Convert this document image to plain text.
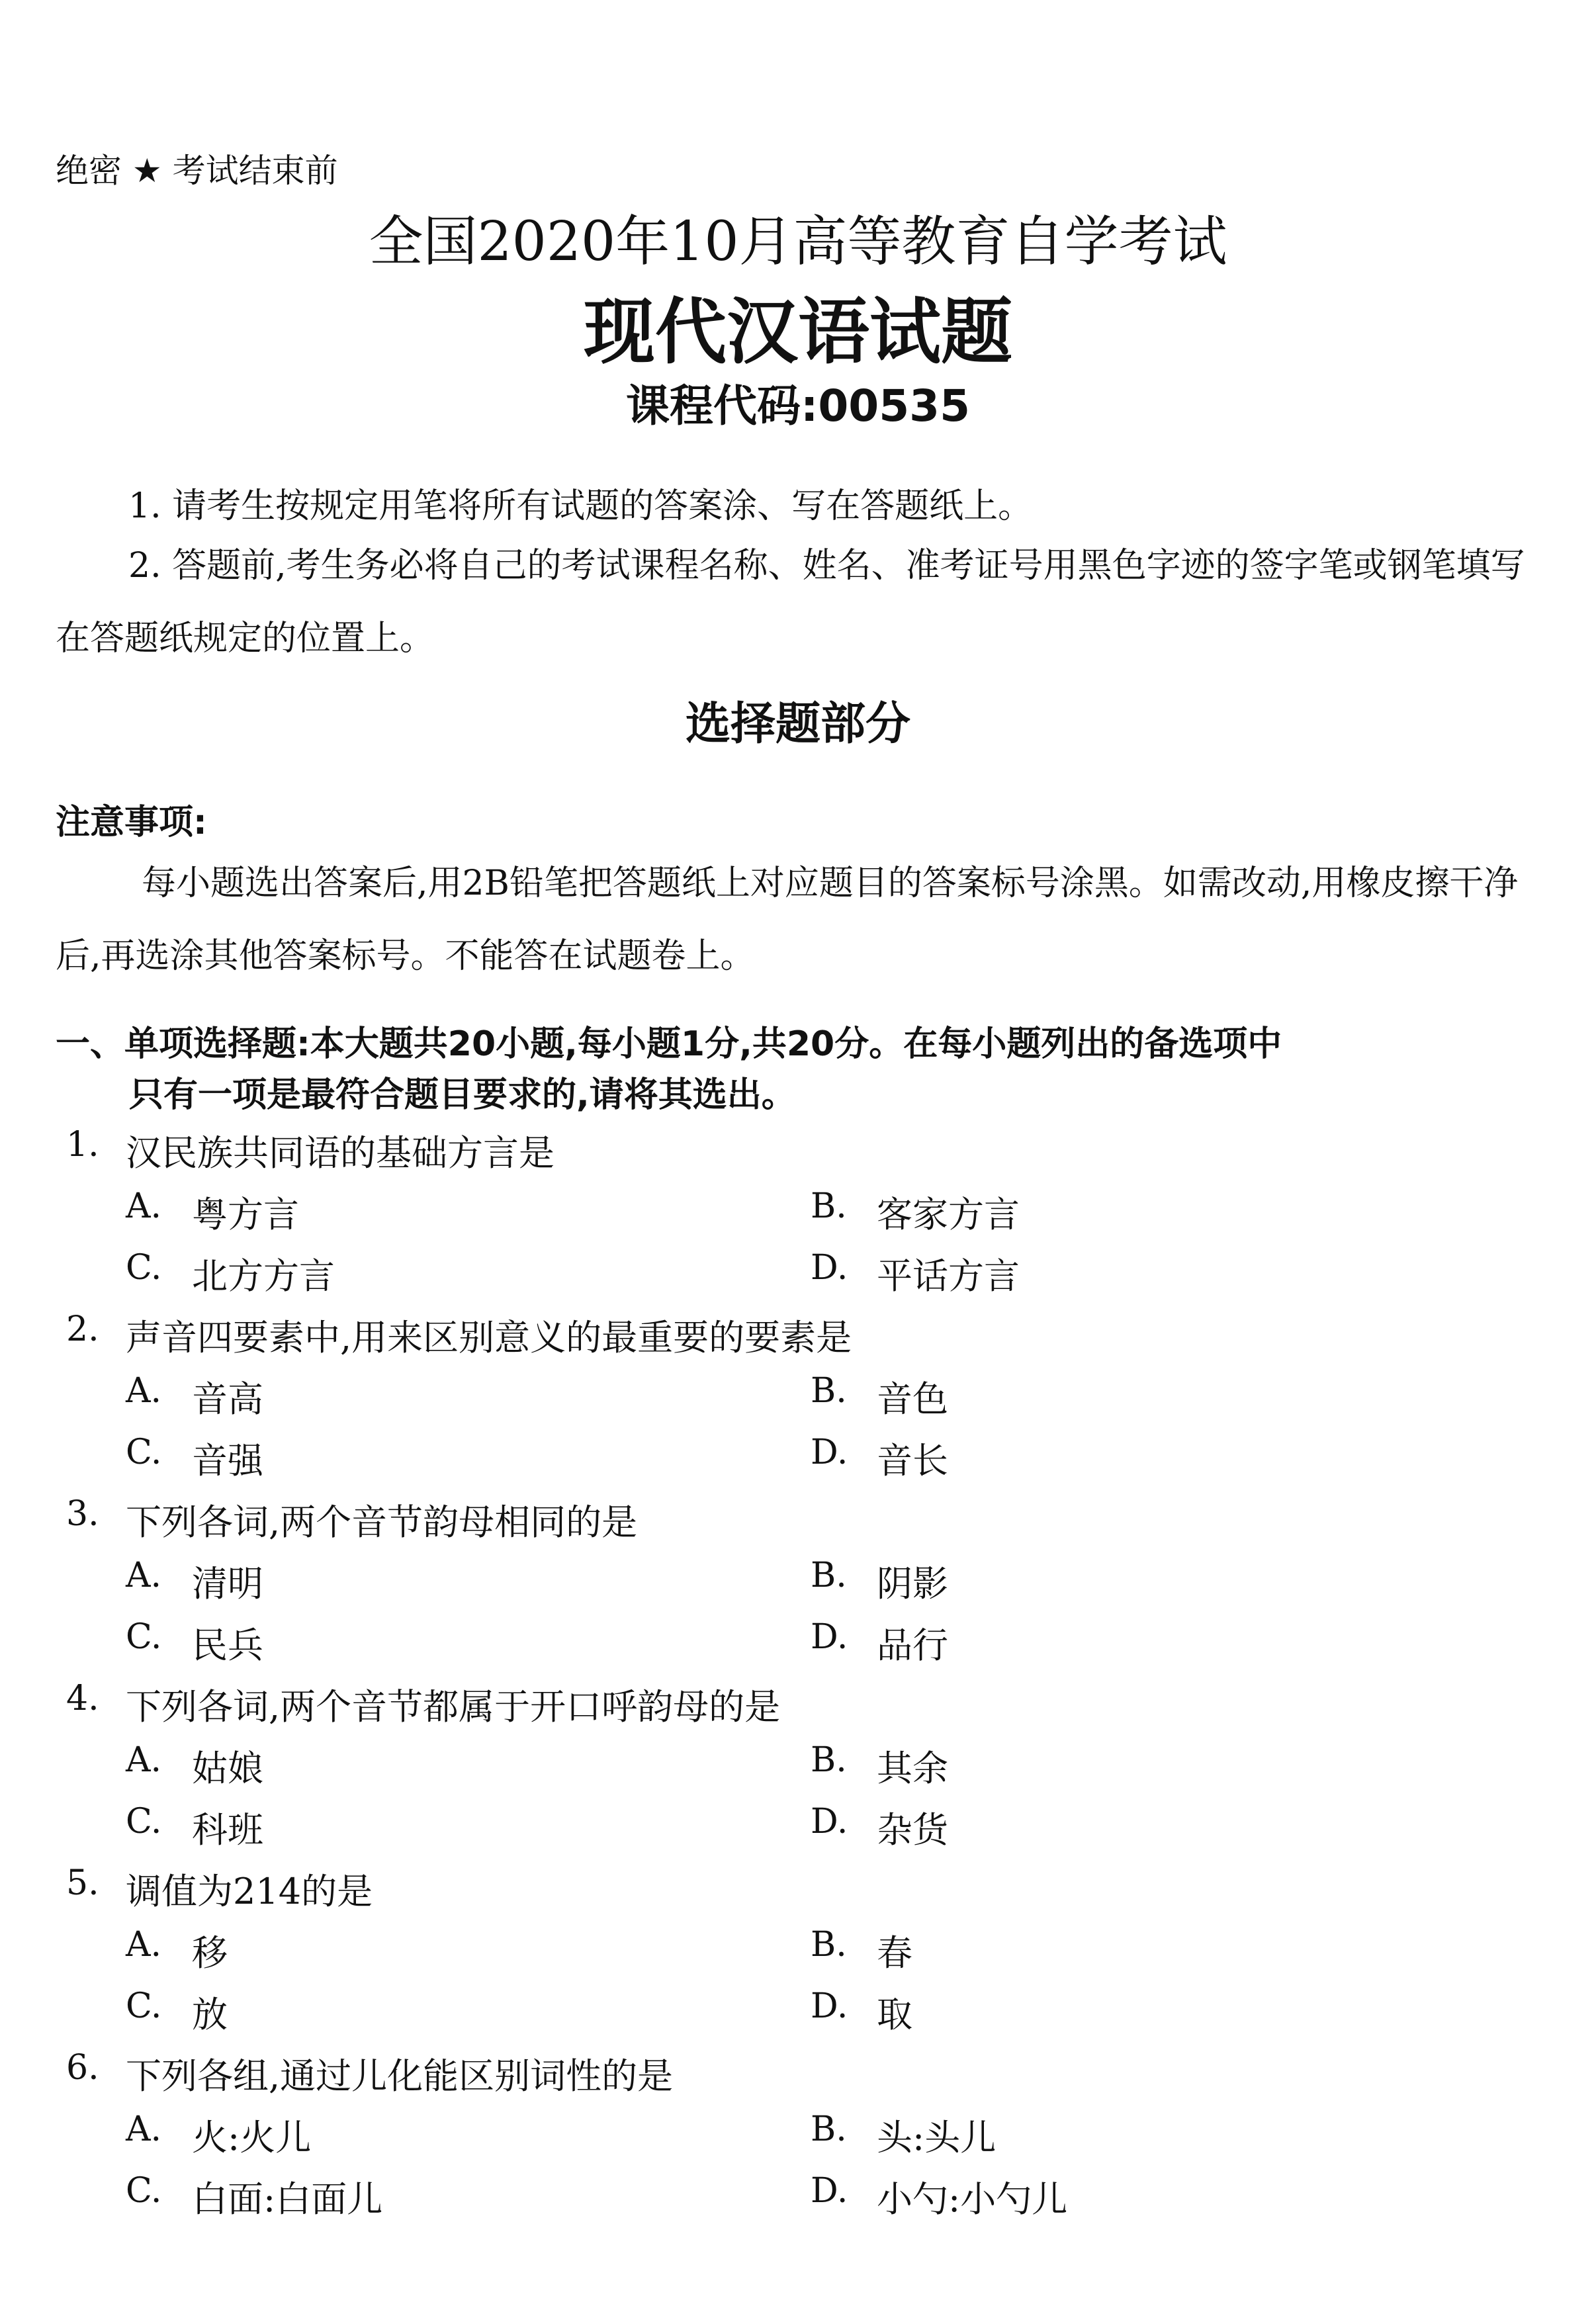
绝密 ★ 考试结束前
全国2020年10月高等教育自学考试
现代汉语试题
课程代码:00535
1. 请考生按规定用笔将所有试题的答案涂、写在答题纸上。
2. 答题前,考生务必将自己的考试课程名称、姓名、准考证号用黑色字迹的签字笔或钢笔填写在答题纸规定的位置上。
选择题部分
注意事项:
每小题选出答案后,用2B铅笔把答题纸上对应题目的答案标号涂黑。如需改动,用橡皮擦干净后,再选涂其他答案标号。不能答在试题卷上。
一、单项选择题:本大题共20小题,每小题1分,共20分。在每小题列出的备选项中
只有一项是最符合题目要求的,请将其选出。
1. 汉民族共同语的基础方言是
A. 粤方言	B. 客家方言
C. 北方方言	D. 平话方言
2. 声音四要素中,用来区别意义的最重要的要素是
A. 音高	B. 音色
C. 音强	D. 音长
3. 下列各词,两个音节韵母相同的是
A. 清明	B. 阴影
C. 民兵	D. 品行
4. 下列各词,两个音节都属于开口呼韵母的是
A. 姑娘	B. 其余
C. 科班	D. 杂货
5. 调值为214的是
A. 移	B. 春
C. 放	D. 取
6. 下列各组,通过儿化能区别词性的是
A. 火:火儿	B. 头:头儿
C. 白面:白面儿	D. 小勺:小勺儿
